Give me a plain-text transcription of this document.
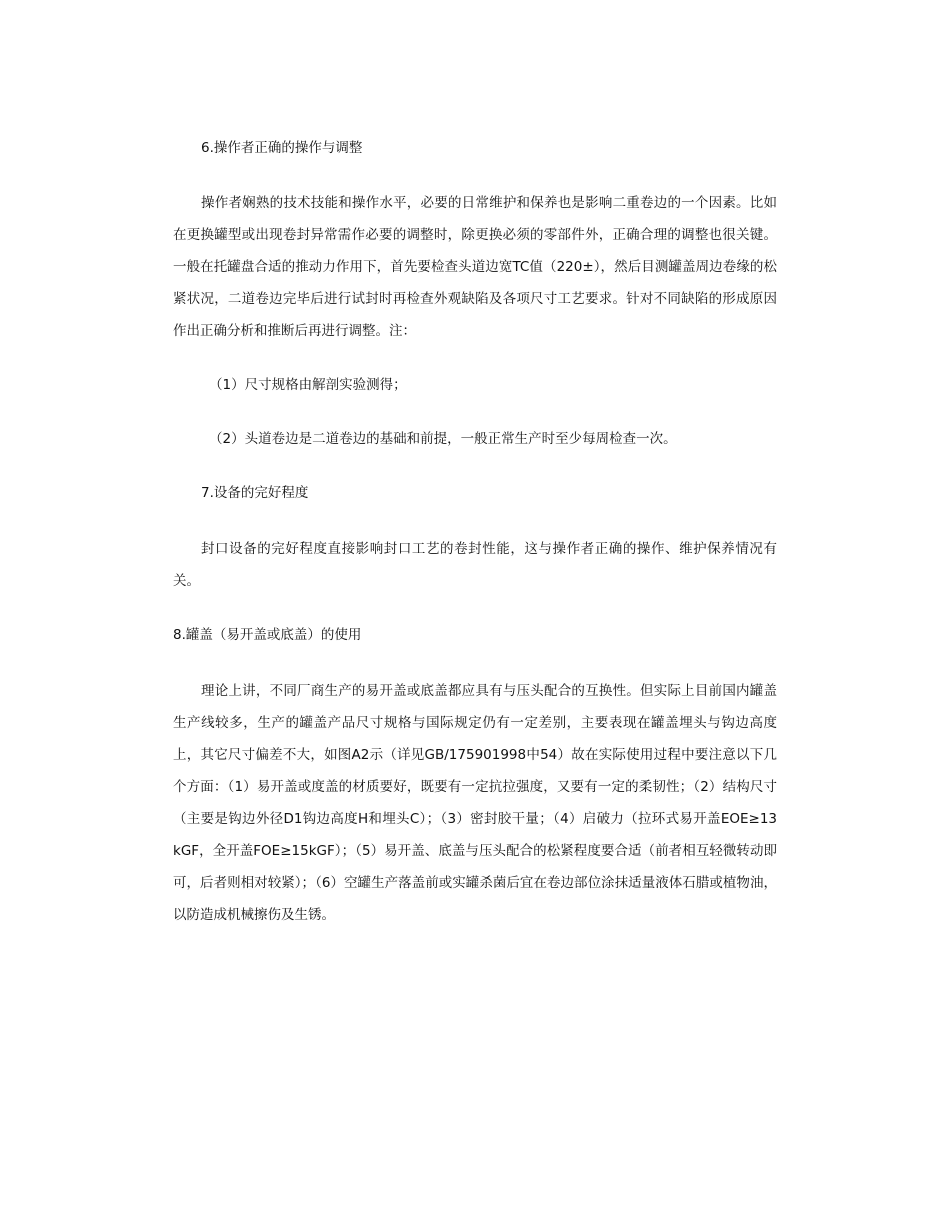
6.操作者正确的操作与调整

操作者娴熟的技术技能和操作水平，必要的日常维护和保养也是影响二重卷边的一个因素。比如在更换罐型或出现卷封异常需作必要的调整时，除更换必须的零部件外，正确合理的调整也很关键。一般在托罐盘合适的推动力作用下，首先要检查头道边宽TC值（220±），然后目测罐盖周边卷缘的松紧状况，二道卷边完毕后进行试封时再检查外观缺陷及各项尺寸工艺要求。针对不同缺陷的形成原因作出正确分析和推断后再进行调整。注：

（1）尺寸规格由解剖实验测得；

（2）头道卷边是二道卷边的基础和前提，一般正常生产时至少每周检查一次。

7.设备的完好程度

封口设备的完好程度直接影响封口工艺的卷封性能，这与操作者正确的操作、维护保养情况有关。

8.罐盖（易开盖或底盖）的使用

理论上讲，不同厂商生产的易开盖或底盖都应具有与压头配合的互换性。但实际上目前国内罐盖生产线较多，生产的罐盖产品尺寸规格与国际规定仍有一定差别，主要表现在罐盖埋头与钩边高度上，其它尺寸偏差不大，如图A2示（详见GB/175901998中54）故在实际使用过程中要注意以下几个方面：（1）易开盖或度盖的材质要好，既要有一定抗拉强度，又要有一定的柔韧性；（2）结构尺寸（主要是钩边外径D1钩边高度H和埋头C）；（3）密封胶干量；（4）启破力（拉环式易开盖EOE≥13　kGF，全开盖FOE≥15kGF）；（5）易开盖、底盖与压头配合的松紧程度要合适（前者相互轻微转动即可，后者则相对较紧）；（6）空罐生产落盖前或实罐杀菌后宜在卷边部位涂抹适量液体石腊或植物油，以防造成机械擦伤及生锈。
